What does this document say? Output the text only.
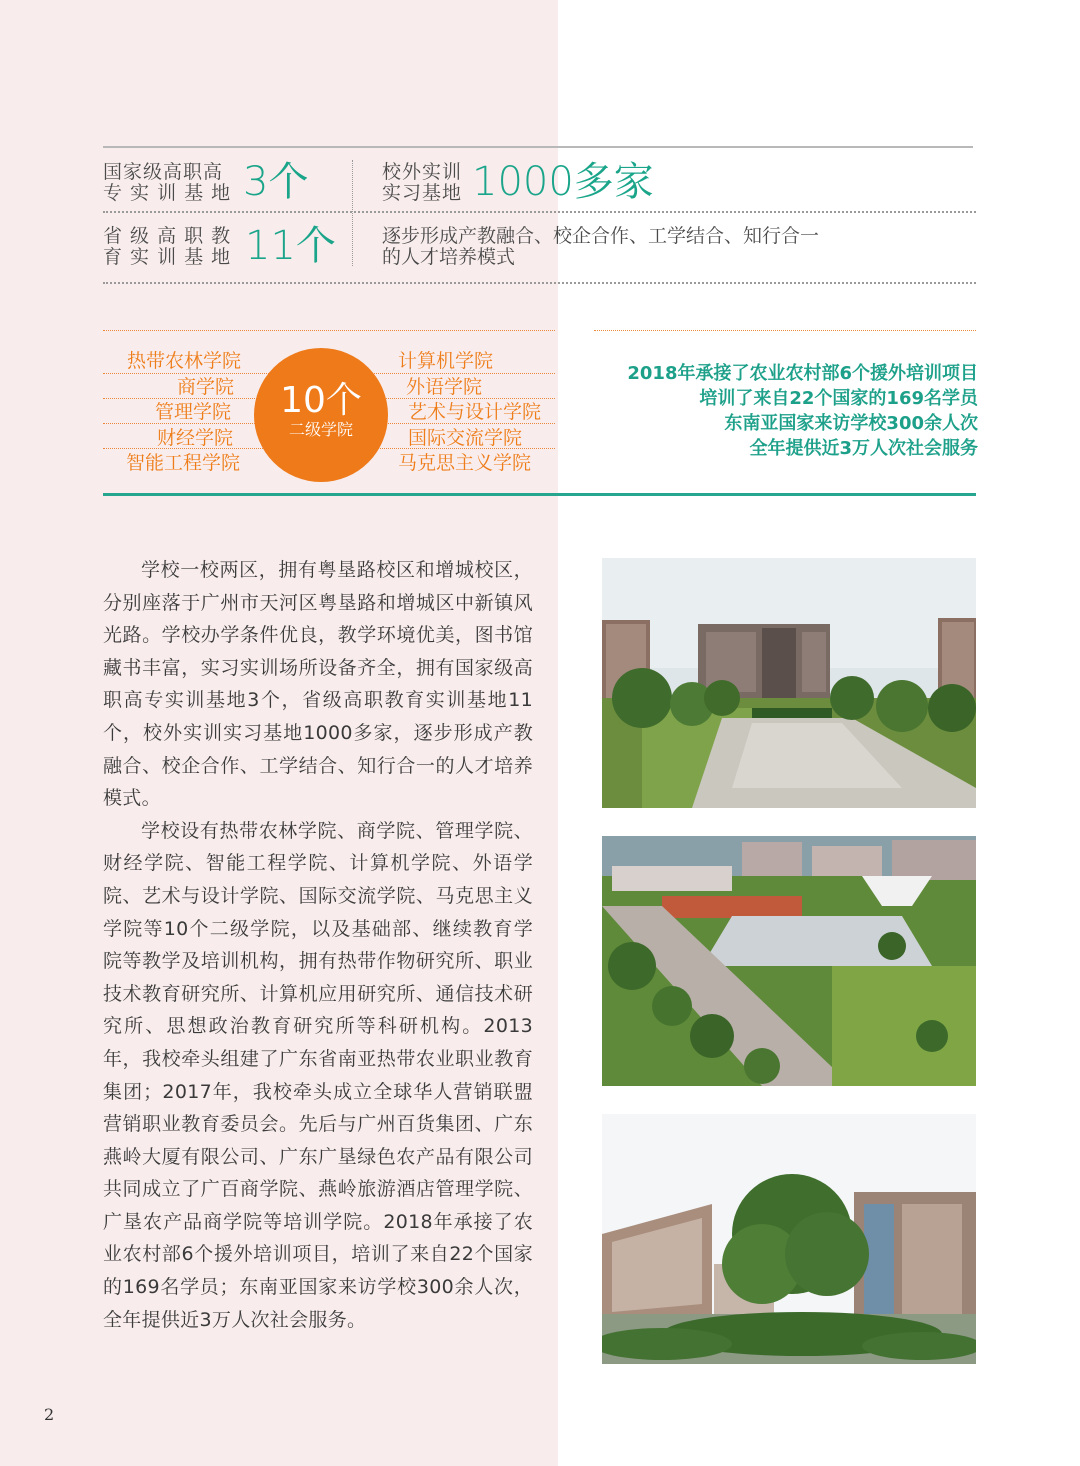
国家级高职高
专 实 训 基 地 3个	校外实训
实习基地 1000多家
省 级 高 职 教
育 实 训 基 地 11个 逐步形成产教融合、校企合作、工学结合、知行合一
的人才培养模式
热带农林学院
商学院
管理学院
财经学院
智能工程学院
10个
二级学院
计算机学院
外语学院
艺术与设计学院
国际交流学院
马克思主义学院
2018年承接了农业农村部6个援外培训项目
培训了来自22个国家的169名学员
东南亚国家来访学校300余人次
全年提供近3万人次社会服务

学校一校两区，拥有粤垦路校区和增城校区，分别座落于广州市天河区粤垦路和增城区中新镇风光路。学校办学条件优良，教学环境优美，图书馆藏书丰富，实习实训场所设备齐全，拥有国家级高职高专实训基地3个，省级高职教育实训基地11个，校外实训实习基地1000多家，逐步形成产教融合、校企合作、工学结合、知行合一的人才培养模式。

学校设有热带农林学院、商学院、管理学院、财经学院、智能工程学院、计算机学院、外语学院、艺术与设计学院、国际交流学院、马克思主义学院等10个二级学院，以及基础部、继续教育学院等教学及培训机构，拥有热带作物研究所、职业技术教育研究所、计算机应用研究所、通信技术研究所、思想政治教育研究所等科研机构。2013年，我校牵头组建了广东省南亚热带农业职业教育集团；2017年，我校牵头成立全球华人营销联盟营销职业教育委员会。先后与广州百货集团、广东燕岭大厦有限公司、广东广垦绿色农产品有限公司共同成立了广百商学院、燕岭旅游酒店管理学院、广垦农产品商学院等培训学院。2018年承接了农业农村部6个援外培训项目，培训了来自22个国家的169名学员；东南亚国家来访学校300余人次，全年提供近3万人次社会服务。

2
